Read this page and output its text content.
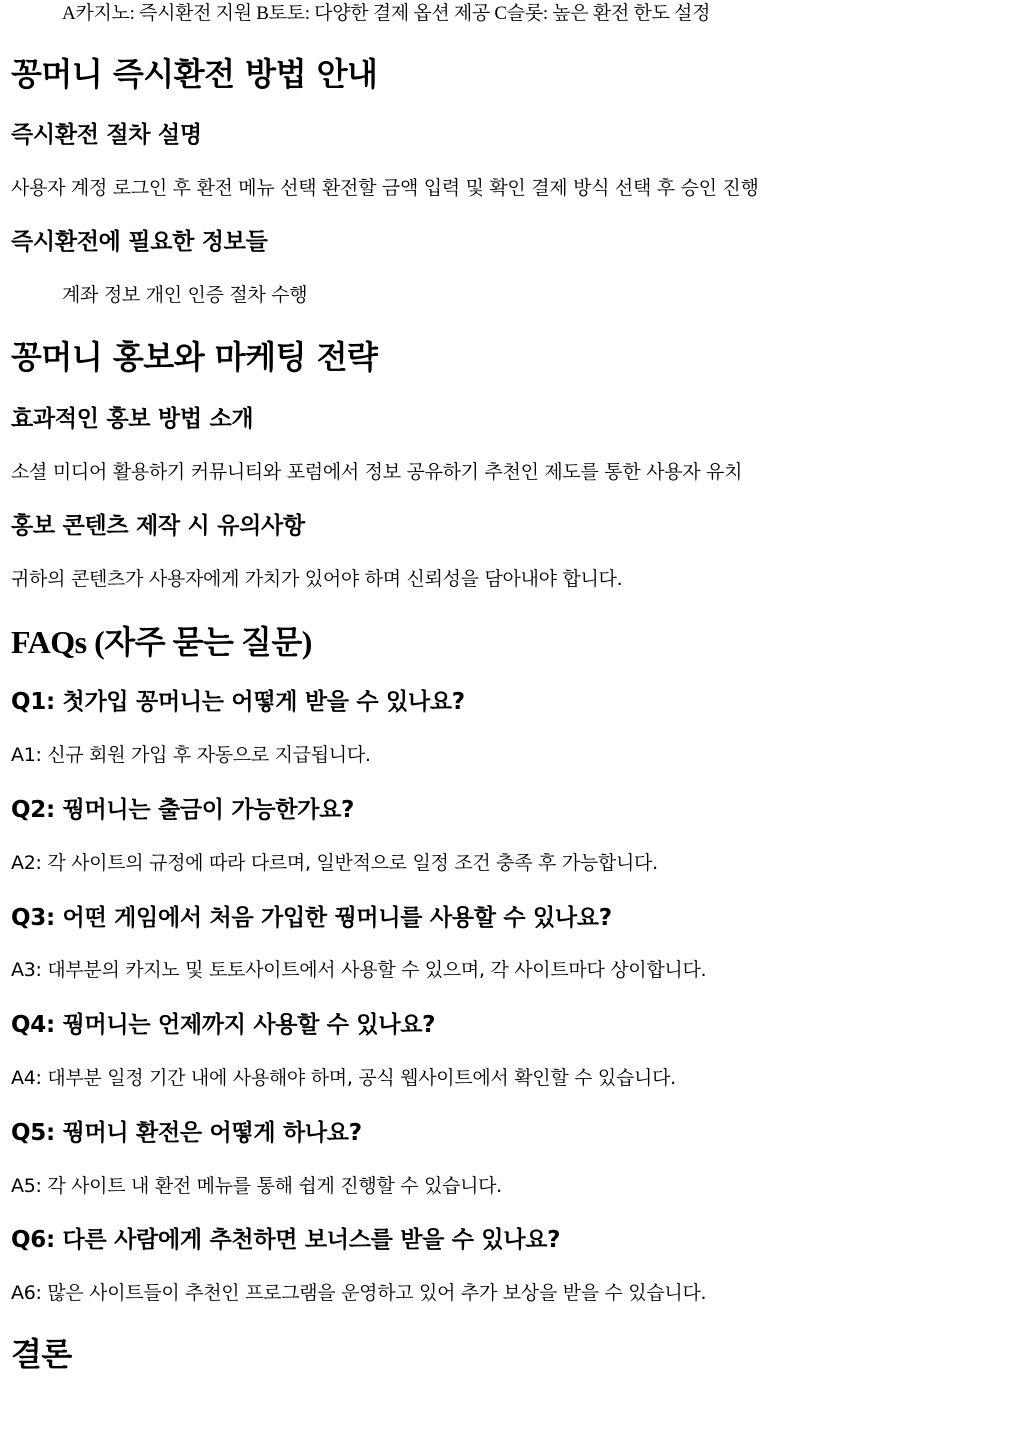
A카지노: 즉시환전 지원 B토토: 다양한 결제 옵션 제공 C슬롯: 높은 환전 한도 설정
꽁머니 즉시환전 방법 안내
즉시환전 절차 설명
사용자 계정 로그인 후 환전 메뉴 선택 환전할 금액 입력 및 확인 결제 방식 선택 후 승인 진행
즉시환전에 필요한 정보들
계좌 정보 개인 인증 절차 수행
꽁머니 홍보와 마케팅 전략
효과적인 홍보 방법 소개
소셜 미디어 활용하기 커뮤니티와 포럼에서 정보 공유하기 추천인 제도를 통한 사용자 유치
홍보 콘텐츠 제작 시 유의사항
귀하의 콘텐츠가 사용자에게 가치가 있어야 하며 신뢰성을 담아내야 합니다.
FAQs (자주 묻는 질문)
Q1: 첫가입 꽁머니는 어떻게 받을 수 있나요?
A1: 신규 회원 가입 후 자동으로 지급됩니다.
Q2: 꿩머니는 출금이 가능한가요?
A2: 각 사이트의 규정에 따라 다르며, 일반적으로 일정 조건 충족 후 가능합니다.
Q3: 어떤 게임에서 처음 가입한 꿩머니를 사용할 수 있나요?
A3: 대부분의 카지노 및 토토사이트에서 사용할 수 있으며, 각 사이트마다 상이합니다.
Q4: 꿩머니는 언제까지 사용할 수 있나요?
A4: 대부분 일정 기간 내에 사용해야 하며, 공식 웹사이트에서 확인할 수 있습니다.
Q5: 꿩머니 환전은 어떻게 하나요?
A5: 각 사이트 내 환전 메뉴를 통해 쉽게 진행할 수 있습니다.
Q6: 다른 사람에게 추천하면 보너스를 받을 수 있나요?
A6: 많은 사이트들이 추천인 프로그램을 운영하고 있어 추가 보상을 받을 수 있습니다.
결론
